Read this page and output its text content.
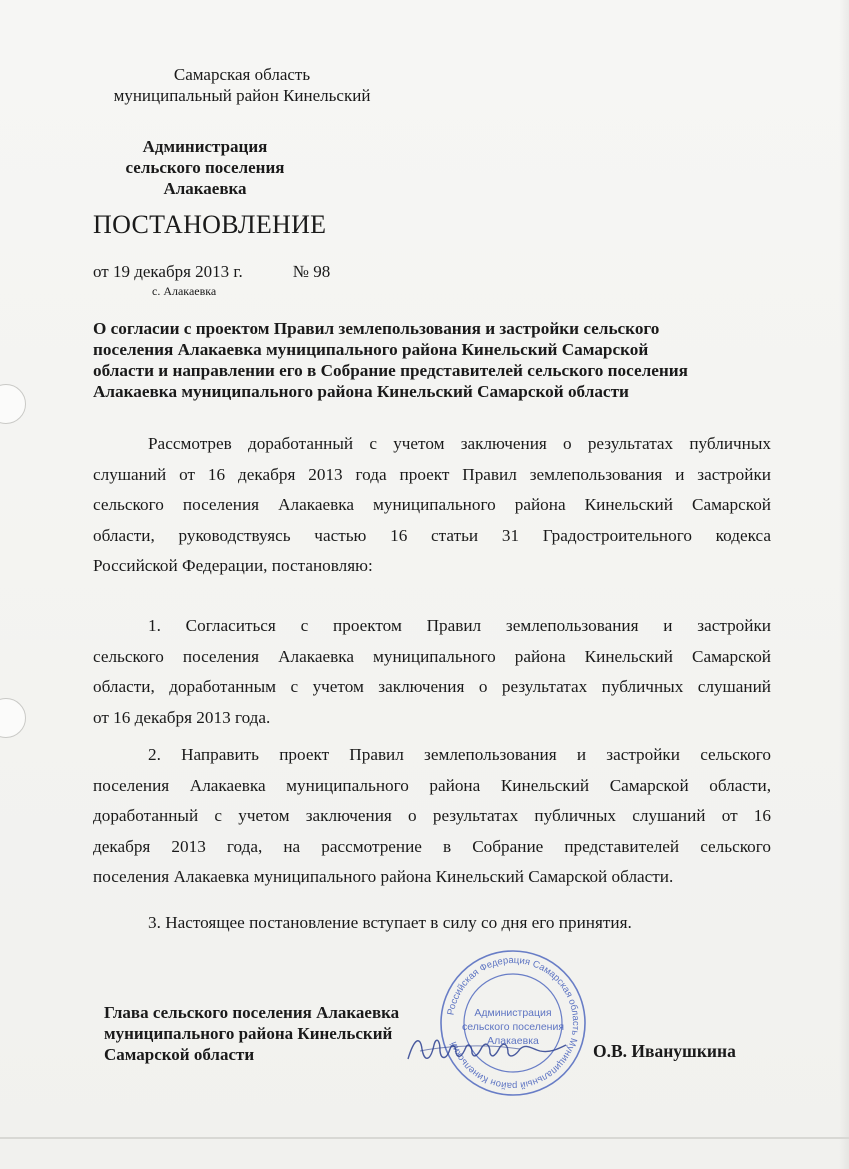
Самарская область
муниципальный район Кинельский
Администрация
сельского поселения
Алакаевка
ПОСТАНОВЛЕНИЕ
от 19 декабря 2013 г.	№ 98
с. Алакаевка
О согласии с проектом Правил землепользования и застройки сельского
поселения Алакаевка муниципального района Кинельский Самарской
области и направлении его в Собрание представителей сельского поселения
Алакаевка муниципального района Кинельский Самарской области
Рассмотрев доработанный с учетом заключения о результатах публичных
слушаний от 16 декабря 2013 года проект Правил землепользования и застройки
сельского поселения Алакаевка муниципального района Кинельский Самарской
области, руководствуясь частью 16 статьи 31 Градостроительного кодекса
Российской Федерации, постановляю:
1. Согласиться с проектом Правил землепользования и застройки
сельского поселения Алакаевка муниципального района Кинельский Самарской
области, доработанным с учетом заключения о результатах публичных слушаний
от 16 декабря 2013 года.
2. Направить проект Правил землепользования и застройки сельского
поселения Алакаевка муниципального района Кинельский Самарской области,
доработанный с учетом заключения о результатах публичных слушаний от 16
декабря 2013 года, на рассмотрение в Собрание представителей сельского
поселения Алакаевка муниципального района Кинельский Самарской области.
3. Настоящее постановление вступает в силу со дня его принятия.
Глава сельского поселения Алакаевка
муниципального района Кинельский
Самарской области
Российская Федерация Самарская область Муниципальный район Кинельский
Администрация
сельского поселения
Алакаевка	О.В. Иванушкина
